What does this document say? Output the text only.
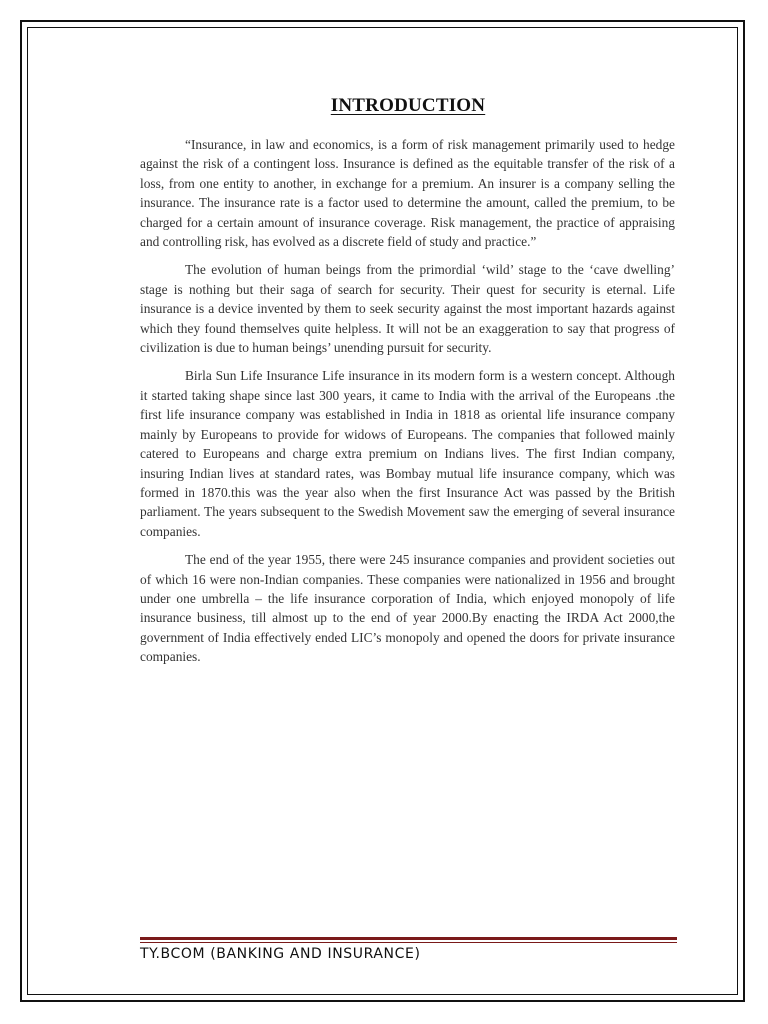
INTRODUCTION

“Insurance, in law and economics, is a form of risk management primarily used to hedge against the risk of a contingent loss. Insurance is defined as the equitable transfer of the risk of a loss, from one entity to another, in exchange for a premium. An insurer is a company selling the insurance. The insurance rate is a factor used to determine the amount, called the premium, to be charged for a certain amount of insurance coverage. Risk management, the practice of appraising and controlling risk, has evolved as a discrete field of study and practice.”

The evolution of human beings from the primordial ‘wild’ stage to the ‘cave dwelling’ stage is nothing but their saga of search for security. Their quest for security is eternal. Life insurance is a device invented by them to seek security against the most important hazards against which they found themselves quite helpless. It will not be an exaggeration to say that progress of civilization is due to human beings’ unending pursuit for security.

Birla Sun Life Insurance Life insurance in its modern form is a western concept. Although it started taking shape since last 300 years, it came to India with the arrival of the Europeans .the first life insurance company was established in India in 1818 as oriental life insurance company mainly by Europeans to provide for widows of Europeans. The companies that followed mainly catered to Europeans and charge extra premium on Indians lives. The first Indian company, insuring Indian lives at standard rates, was Bombay mutual life insurance company, which was formed in 1870.this was the year also when the first Insurance Act was passed by the British parliament. The years subsequent to the Swedish Movement saw the emerging of several insurance companies.

The end of the year 1955, there were 245 insurance companies and provident societies out of which 16 were non-Indian companies. These companies were nationalized in 1956 and brought under one umbrella – the life insurance corporation of India, which enjoyed monopoly of life insurance business, till almost up to the end of year 2000.By enacting the IRDA Act 2000,the government of India effectively ended LIC’s monopoly and opened the doors for private insurance companies.

TY.BCOM (BANKING AND INSURANCE)
